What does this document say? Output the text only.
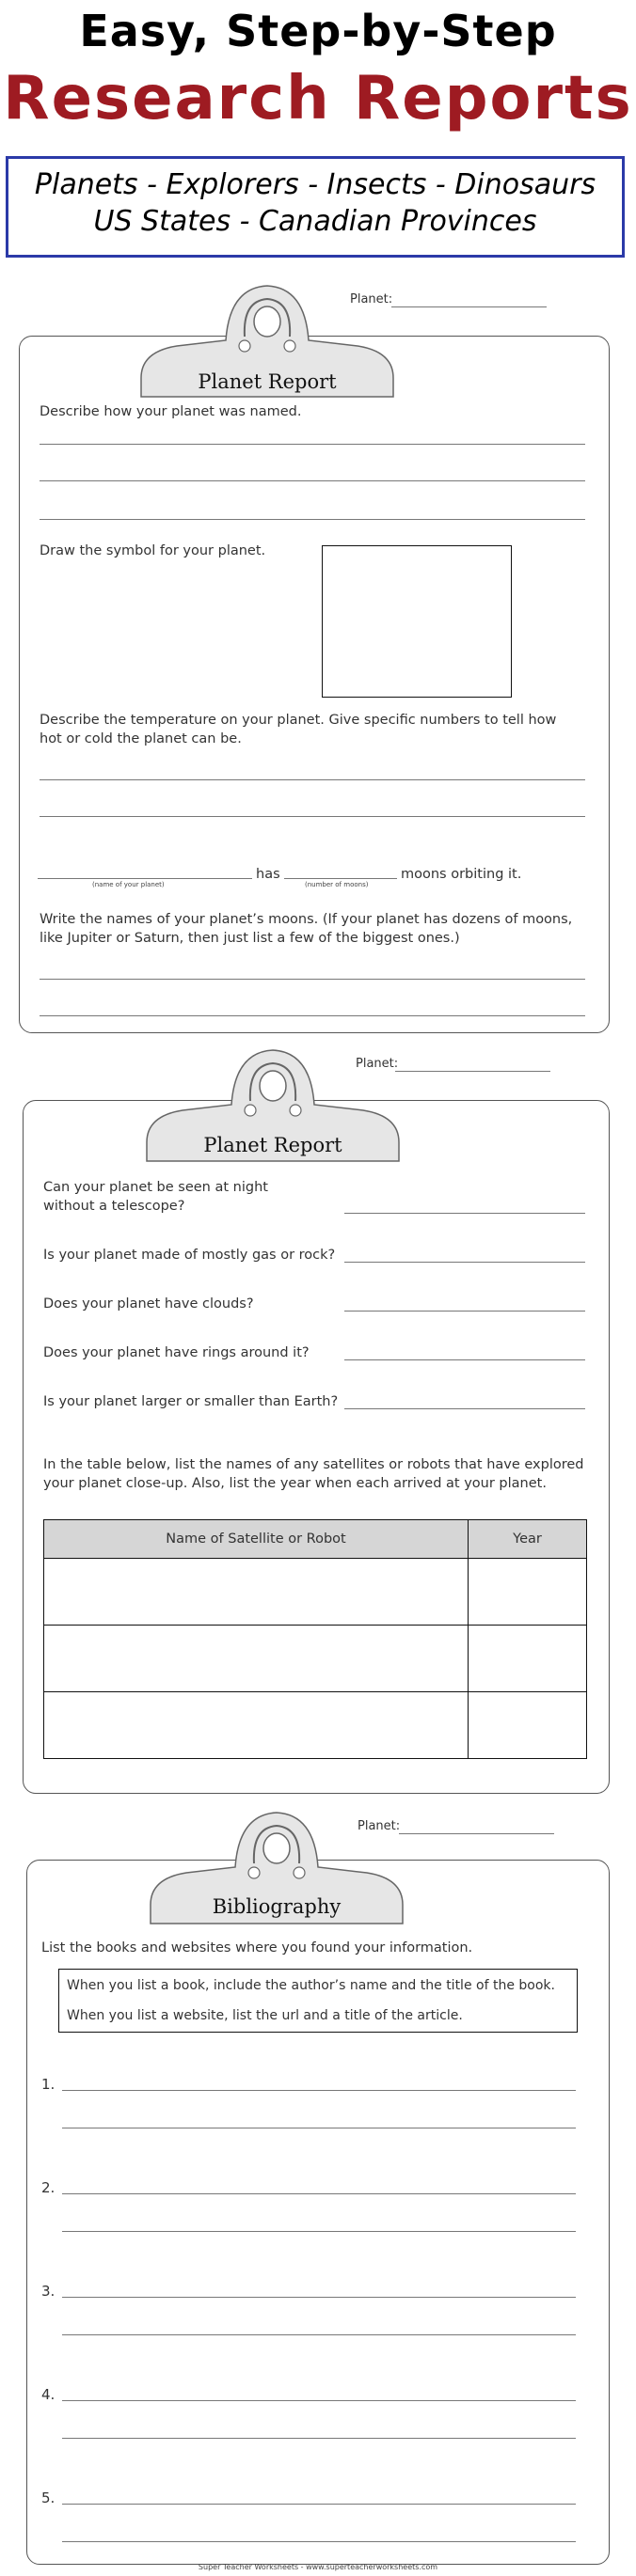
Easy, Step-by-Step
Research Reports
Planets - Explorers - Insects - Dinosaurs
US States - Canadian Provinces
Planet Report
Planet:
Describe how your planet was named.
Draw the symbol for your planet.
Describe the temperature on your planet. Give specific numbers to tell how
hot or cold the planet can be.
(name of your planet)
has
(number of moons)
moons orbiting it.
Write the names of your planet’s moons. (If your planet has dozens of moons,
like Jupiter or Saturn, then just list a few of the biggest ones.)
Planet Report
Planet:
Can your planet be seen at night
without a telescope?
Is your planet made of mostly gas or rock?
Does your planet have clouds?
Does your planet have rings around it?
Is your planet larger or smaller than Earth?
In the table below, list the names of any satellites or robots that have explored
your planet close-up. Also, list the year when each arrived at your planet.
Name of Satellite or Robot	Year

Bibliography
Planet:
List the books and websites where you found your information.
When you list a book, include the author’s name and the title of the book.
When you list a website, list the url and a title of the article.
1.
2.
3.
4.
5.
Super Teacher Worksheets - www.superteacherworksheets.com
